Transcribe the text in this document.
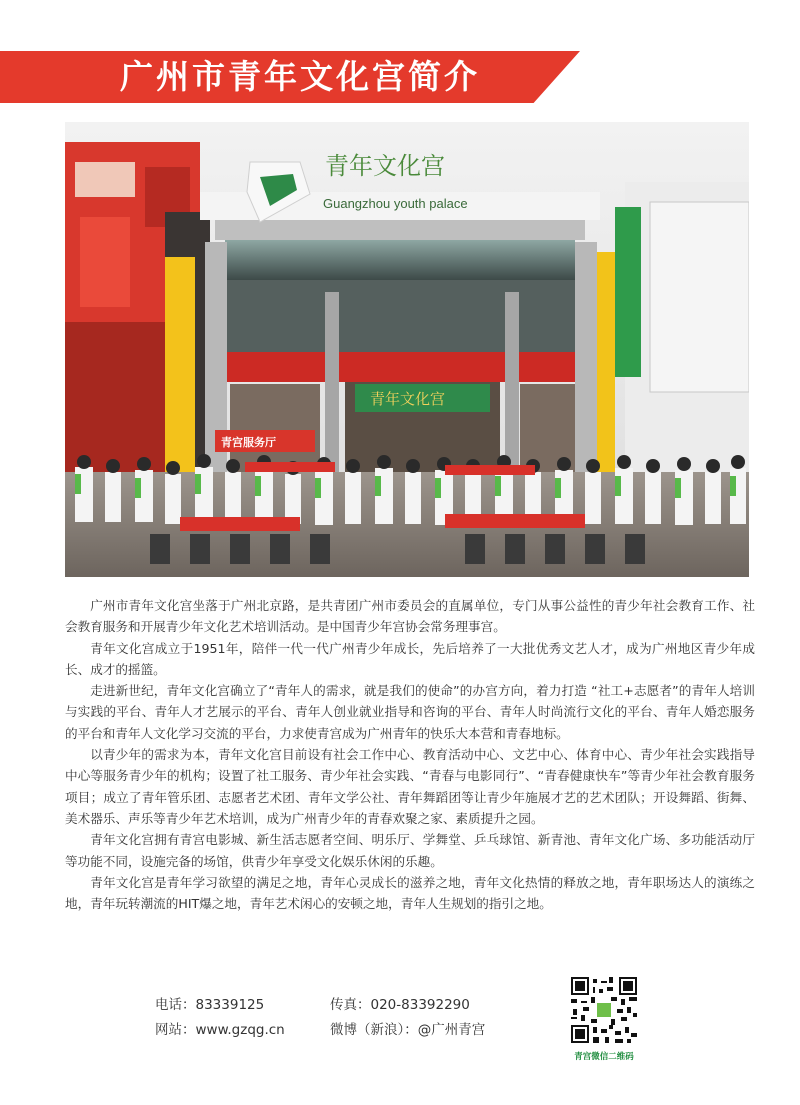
广州市青年文化宫简介
青年文化宫
Guangzhou youth palace
青年文化宫
青宫服务厅

广州市青年文化宫坐落于广州北京路，是共青团广州市委员会的直属单位，专门从事公益性的青少年社会教育工作、社会教育服务和开展青少年文化艺术培训活动。是中国青少年宫协会常务理事宫。

青年文化宫成立于1951年，陪伴一代一代广州青少年成长，先后培养了一大批优秀文艺人才，成为广州地区青少年成长、成才的摇篮。

走进新世纪，青年文化宫确立了“青年人的需求，就是我们的使命”的办宫方向，着力打造 “社工+志愿者”的青年人培训与实践的平台、青年人才艺展示的平台、青年人创业就业指导和咨询的平台、青年人时尚流行文化的平台、青年人婚恋服务的平台和青年人文化学习交流的平台，力求使青宫成为广州青年的快乐大本营和青春地标。

以青少年的需求为本，青年文化宫目前设有社会工作中心、教育活动中心、文艺中心、体育中心、青少年社会实践指导中心等服务青少年的机构；设置了社工服务、青少年社会实践、“青春与电影同行”、“青春健康快车”等青少年社会教育服务项目；成立了青年管乐团、志愿者艺术团、青年文学公社、青年舞蹈团等让青少年施展才艺的艺术团队；开设舞蹈、街舞、美术器乐、声乐等青少年艺术培训，成为广州青少年的青春欢聚之家、素质提升之园。

青年文化宫拥有青宫电影城、新生活志愿者空间、明乐厅、学舞堂、乒乓球馆、新青池、青年文化广场、多功能活动厅等功能不同，设施完备的场馆，供青少年享受文化娱乐休闲的乐趣。

青年文化宫是青年学习欲望的满足之地，青年心灵成长的滋养之地，青年文化热情的释放之地，青年职场达人的演练之地，青年玩转潮流的HIT爆之地，青年艺术闲心的安顿之地，青年人生规划的指引之地。

电话：83339125	传真：020-83392290
网站：www.gzqg.cn	微博（新浪）：@广州青宫
青宫微信二维码
